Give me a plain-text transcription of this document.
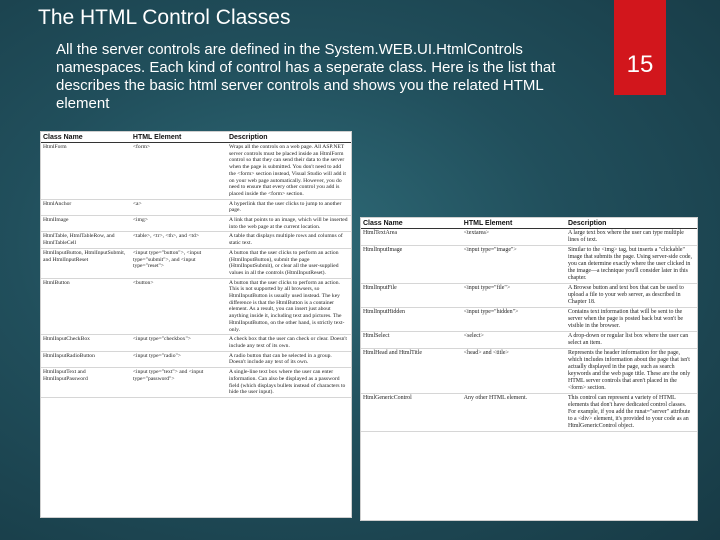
The HTML Control Classes
All the server controls are defined in the System.WEB.UI.HtmlControls namespaces. Each kind of control has a seperate class. Here is the list that describes the basic html server controls and shows you the related HTML element
15
Class Name	HTML Element	Description
HtmlForm	<form>	Wraps all the controls on a web page. All ASP.NET server controls must be placed inside an HtmlForm control so that they can send their data to the server when the page is submitted. You don't need to add the <form> section instead, Visual Studio will add it on your web page automatically. However, you do need to ensure that every other control you add is placed inside the <form> section.
HtmlAnchor	<a>	A hyperlink that the user clicks to jump to another page.
HtmlImage	<img>	A link that points to an image, which will be inserted into the web page at the current location.
HtmlTable, HtmlTableRow, and HtmlTableCell	<table>, <tr>, <th>, and <td>	A table that displays multiple rows and columns of static text.
HtmlInputButton, HtmlInputSubmit, and HtmlInputReset	<input type="button">, <input type="submit">, and <input type="reset">	A button that the user clicks to perform an action (HtmlInputButton), submit the page (HtmlInputSubmit), or clear all the user-supplied values in all the controls (HtmlInputReset).
HtmlButton	<button>	A button that the user clicks to perform an action. This is not supported by all browsers, so HtmlInputButton is usually used instead. The key difference is that the HtmlButton is a container element. As a result, you can insert just about anything inside it, including text and pictures. The HtmlInputButton, on the other hand, is strictly text-only.
HtmlInputCheckBox	<input type="checkbox">	A check box that the user can check or clear. Doesn't include any text of its own.
HtmlInputRadioButton	<input type="radio">	A radio button that can be selected in a group. Doesn't include any text of its own.
HtmlInputText and HtmlInputPassword	<input type="text"> and <input type="password">	A single-line text box where the user can enter information. Can also be displayed as a password field (which displays bullets instead of characters to hide the user input).
Class Name	HTML Element	Description
HtmlTextArea	<textarea>	A large text box where the user can type multiple lines of text.
HtmlInputImage	<input type="image">	Similar to the <img> tag, but inserts a "clickable" image that submits the page. Using server-side code, you can determine exactly where the user clicked in the image—a technique you'll consider later in this chapter.
HtmlInputFile	<input type="file">	A Browse button and text box that can be used to upload a file to your web server, as described in Chapter 18.
HtmlInputHidden	<input type="hidden">	Contains text information that will be sent to the server when the page is posted back but won't be visible in the browser.
HtmlSelect	<select>	A drop-down or regular list box where the user can select an item.
HtmlHead and HtmlTitle	<head> and <title>	Represents the header information for the page, which includes information about the page that isn't actually displayed in the page, such as search keywords and the web page title. These are the only HTML server controls that aren't placed in the <form> section.
HtmlGenericControl	Any other HTML element.	This control can represent a variety of HTML elements that don't have dedicated control classes. For example, if you add the runat="server" attribute to a <div> element, it's provided to your code as an HtmlGenericControl object.
